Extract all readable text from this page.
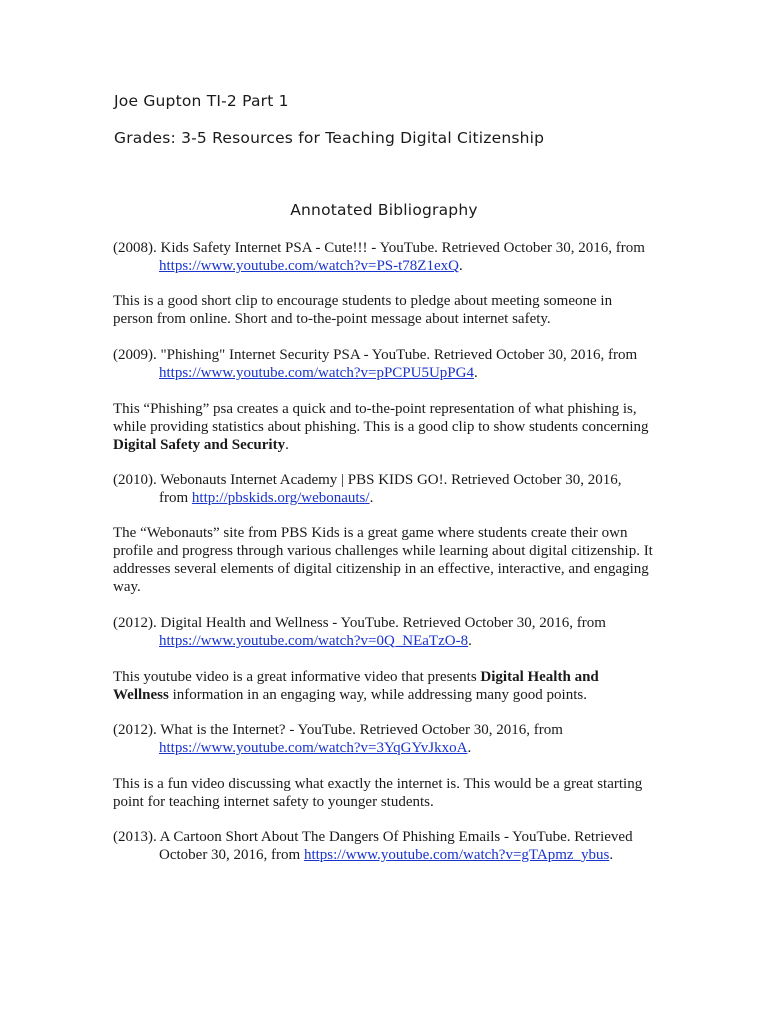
Joe Gupton TI-2 Part 1
Grades: 3-5 Resources for Teaching Digital Citizenship
Annotated Bibliography
(2008). Kids Safety Internet PSA - Cute!!! - YouTube. Retrieved October 30, 2016, from
https://www.youtube.com/watch?v=PS-t78Z1exQ.
This is a good short clip to encourage students to pledge about meeting someone in
person from online. Short and to-the-point message about internet safety.
(2009). "Phishing" Internet Security PSA - YouTube. Retrieved October 30, 2016, from
https://www.youtube.com/watch?v=pPCPU5UpPG4.
This “Phishing” psa creates a quick and to-the-point representation of what phishing is,
while providing statistics about phishing. This is a good clip to show students concerning
Digital Safety and Security.
(2010). Webonauts Internet Academy | PBS KIDS GO!. Retrieved October 30, 2016,
from http://pbskids.org/webonauts/.
The “Webonauts” site from PBS Kids is a great game where students create their own
profile and progress through various challenges while learning about digital citizenship. It
addresses several elements of digital citizenship in an effective, interactive, and engaging
way.
(2012). Digital Health and Wellness - YouTube. Retrieved October 30, 2016, from
https://www.youtube.com/watch?v=0Q_NEaTzO-8.
This youtube video is a great informative video that presents Digital Health and
Wellness information in an engaging way, while addressing many good points.
(2012). What is the Internet? - YouTube. Retrieved October 30, 2016, from
https://www.youtube.com/watch?v=3YqGYvJkxoA.
This is a fun video discussing what exactly the internet is. This would be a great starting
point for teaching internet safety to younger students.
(2013). A Cartoon Short About The Dangers Of Phishing Emails - YouTube. Retrieved
October 30, 2016, from https://www.youtube.com/watch?v=gTApmz_ybus.
